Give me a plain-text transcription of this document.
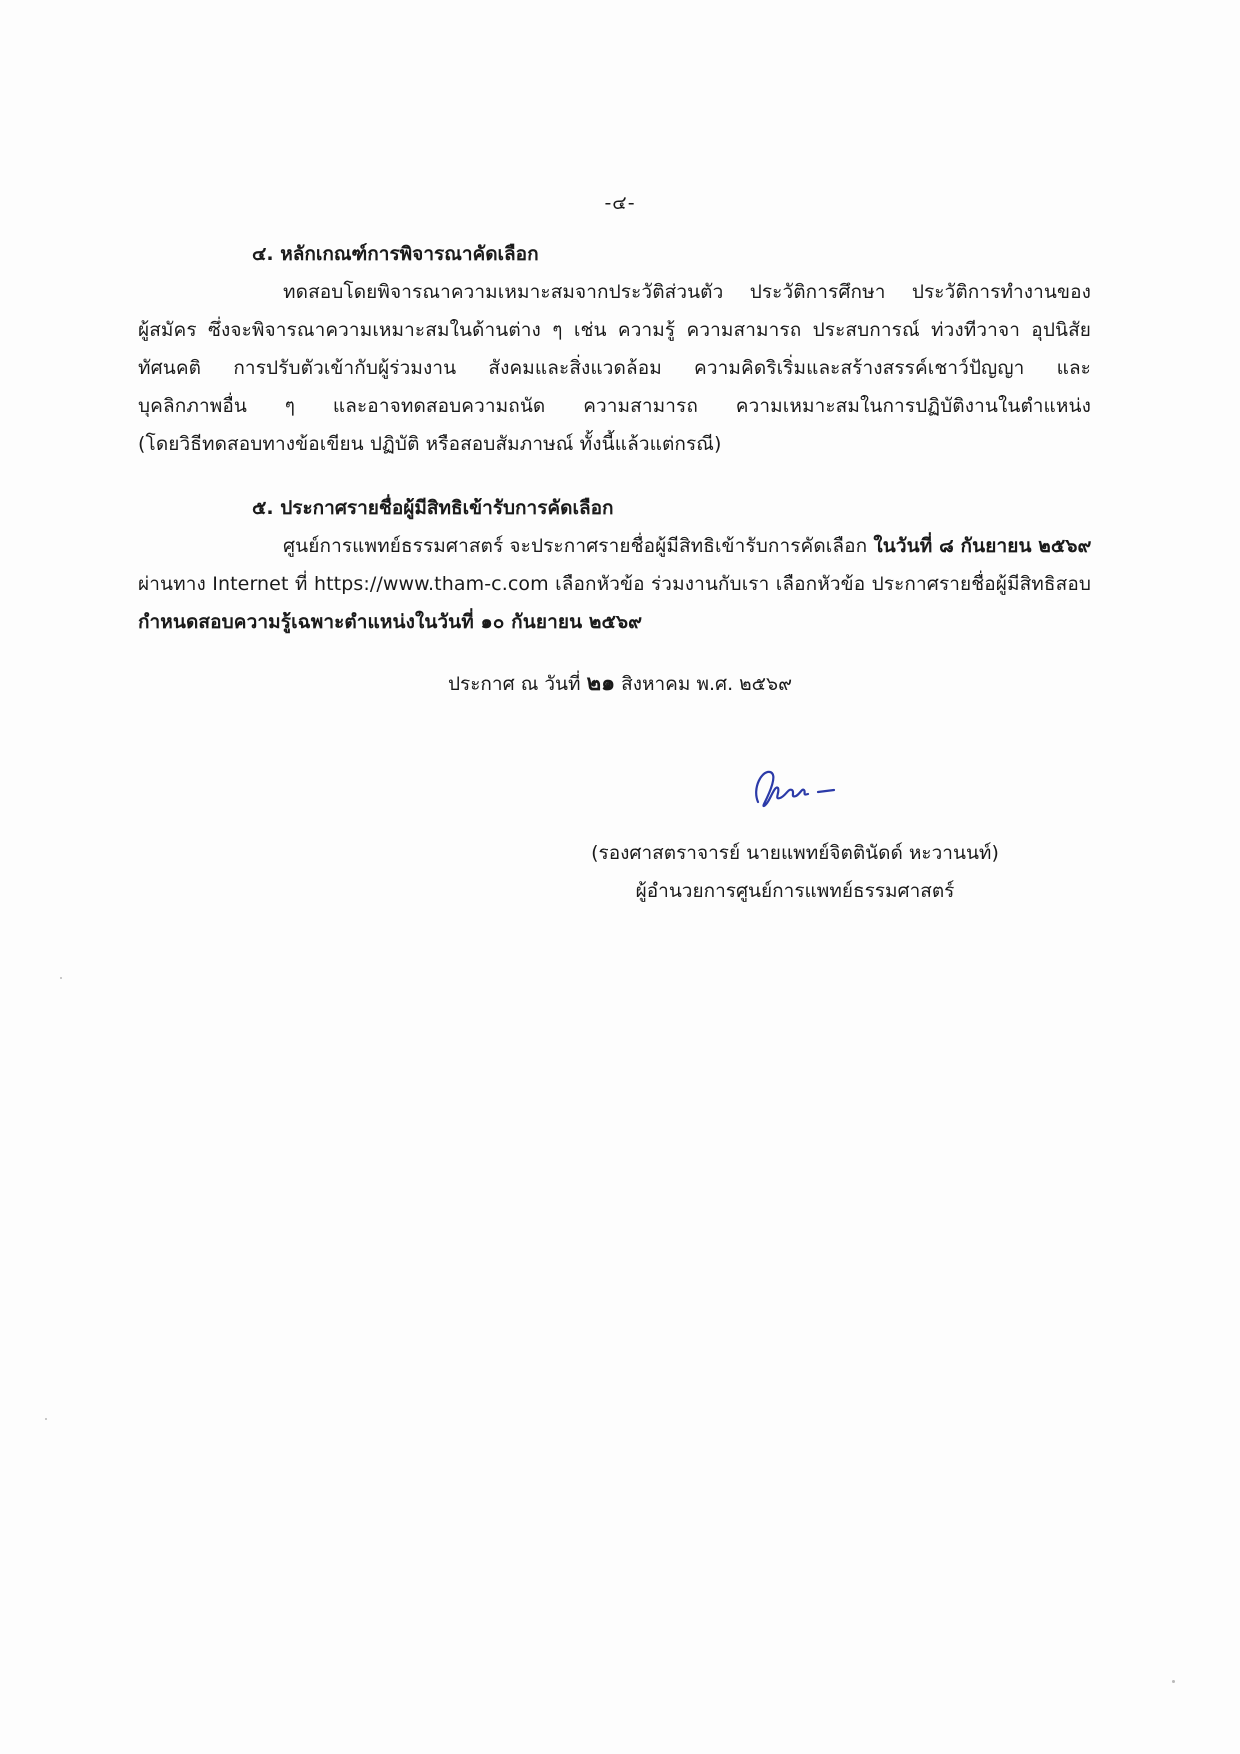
-๔-
๔. หลักเกณฑ์การพิจารณาคัดเลือก
ทดสอบโดยพิจารณาความเหมาะสมจากประวัติส่วนตัว ประวัติการศึกษา ประวัติการทำงานของ
ผู้สมัคร ซึ่งจะพิจารณาความเหมาะสมในด้านต่าง ๆ เช่น ความรู้ ความสามารถ ประสบการณ์ ท่วงทีวาจา อุปนิสัย
ทัศนคติ การปรับตัวเข้ากับผู้ร่วมงาน สังคมและสิ่งแวดล้อม ความคิดริเริ่มและสร้างสรรค์เชาว์ปัญญา และ
บุคลิกภาพอื่น ๆ และอาจทดสอบความถนัด ความสามารถ ความเหมาะสมในการปฏิบัติงานในตำแหน่ง
(โดยวิธีทดสอบทางข้อเขียน ปฏิบัติ หรือสอบสัมภาษณ์ ทั้งนี้แล้วแต่กรณี)
๕. ประกาศรายชื่อผู้มีสิทธิเข้ารับการคัดเลือก
ศูนย์การแพทย์ธรรมศาสตร์ จะประกาศรายชื่อผู้มีสิทธิเข้ารับการคัดเลือก ในวันที่ ๘ กันยายน ๒๕๖๙
ผ่านทาง Internet ที่ https://www.tham-c.com เลือกหัวข้อ ร่วมงานกับเรา เลือกหัวข้อ ประกาศรายชื่อผู้มีสิทธิสอบ
กำหนดสอบความรู้เฉพาะตำแหน่งในวันที่ ๑๐ กันยายน ๒๕๖๙
ประกาศ ณ วันที่ ๒๑ สิงหาคม พ.ศ. ๒๕๖๙
(รองศาสตราจารย์ นายแพทย์จิตตินัดด์ หะวานนท์)
ผู้อำนวยการศูนย์การแพทย์ธรรมศาสตร์
